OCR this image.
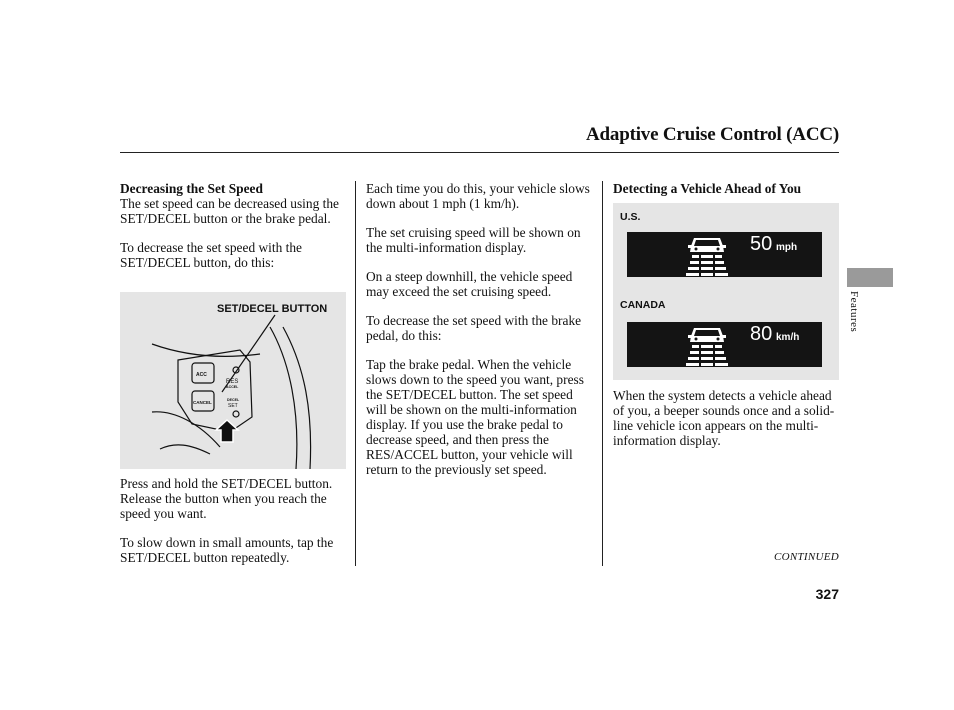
Adaptive Cruise Control (ACC)
Decreasing the Set Speed

The set speed can be decreased using the SET/DECEL button or the brake pedal.

To decrease the set speed with the SET/DECEL button, do this:

SET/DECEL BUTTON
ACC
CANCEL
RES
ACCEL
DECEL
SET

Press and hold the SET/DECEL button. Release the button when you reach the speed you want.

To slow down in small amounts, tap the SET/DECEL button repeatedly.

Each time you do this, your vehicle slows down about 1 mph (1 km/h).

The set cruising speed will be shown on the multi-information display.

On a steep downhill, the vehicle speed may exceed the set cruising speed.

To decrease the set speed with the brake pedal, do this:

Tap the brake pedal. When the vehicle slows down to the speed you want, press the SET/DECEL button. The set speed will be shown on the multi-information display. If you use the brake pedal to decrease speed, and then press the RES/ACCEL button, your vehicle will return to the previously set speed.

Detecting a Vehicle Ahead of You
U.S.
50 mph
CANADA
80 km/h

When the system detects a vehicle ahead of you, a beeper sounds once and a solid-line vehicle icon appears on the multi-information display.

Features
CONTINUED
327
